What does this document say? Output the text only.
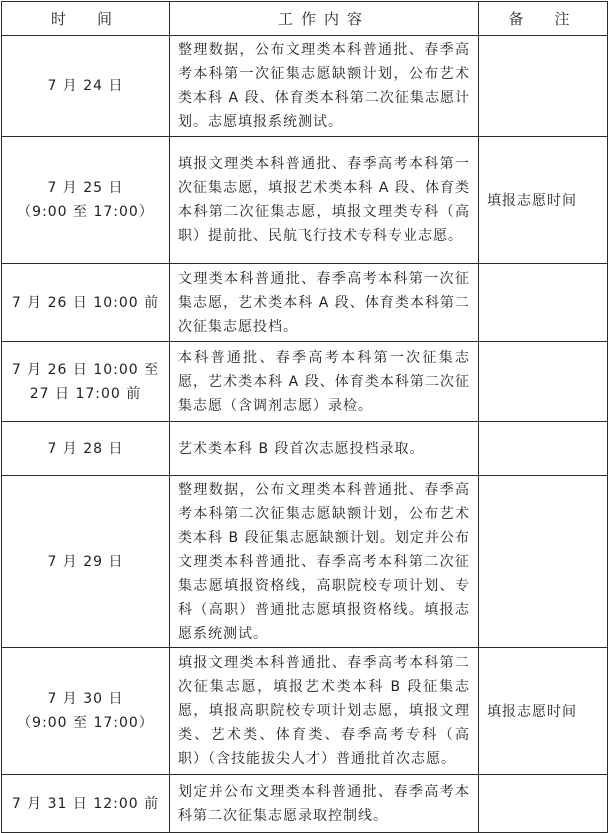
时　间	工作内容	备　注

7 月 24 日	整理数据，公布文理类本科普通批、春季高考本科第一次征集志愿缺额计划，公布艺术类本科 A 段、体育类本科第二次征集志愿计划。志愿填报系统测试。	

7 月 25 日
（9:00 至 17:00）	填报文理类本科普通批、春季高考本科第一次征集志愿，填报艺术类本科 A 段、体育类本科第二次征集志愿，填报文理类专科（高职）提前批、民航飞行技术专科专业志愿。	填报志愿时间

7 月 26 日 10:00 前	文理类本科普通批、春季高考本科第一次征集志愿，艺术类本科 A 段、体育类本科第二次征集志愿投档。	

7 月 26 日 10:00 至
27 日 17:00 前	本科普通批、春季高考本科第一次征集志愿，艺术类本科 A 段、体育类本科第二次征集志愿（含调剂志愿）录检。	

7 月 28 日	艺术类本科 B 段首次志愿投档录取。	

7 月 29 日	整理数据，公布文理类本科普通批、春季高考本科第二次征集志愿缺额计划，公布艺术类本科 B 段征集志愿缺额计划。划定并公布文理类本科普通批、春季高考本科第二次征集志愿填报资格线，高职院校专项计划、专科（高职）普通批志愿填报资格线。填报志愿系统测试。	

7 月 30 日
（9:00 至 17:00）	填报文理类本科普通批、春季高考本科第二次征集志愿，填报艺术类本科 B 段征集志愿，填报高职院校专项计划志愿，填报文理类、艺术类、体育类、春季高考专科（高职）（含技能拔尖人才）普通批首次志愿。	填报志愿时间

7 月 31 日 12:00 前	划定并公布文理类本科普通批、春季高考本科第二次征集志愿录取控制线。	
